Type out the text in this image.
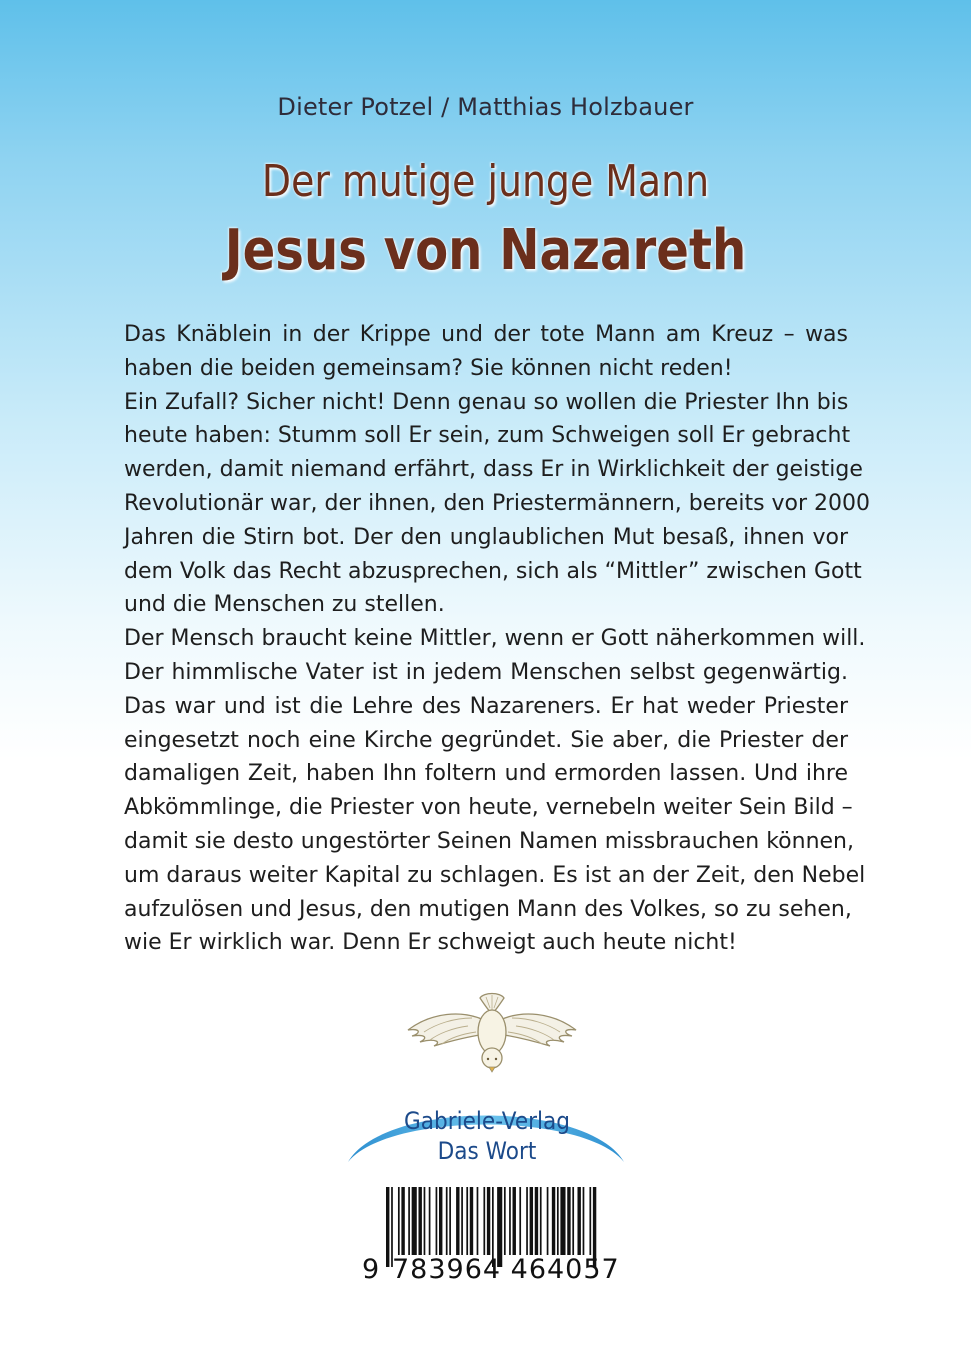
Dieter Potzel / Matthias Holzbauer
Der mutige junge Mann
Jesus von Nazareth
Das Knäblein in der Krippe und der tote Mann am Kreuz – was
haben die beiden gemeinsam? Sie können nicht reden!
Ein Zufall? Sicher nicht! Denn genau so wollen die Priester Ihn bis
heute haben: Stumm soll Er sein, zum Schweigen soll Er gebracht
werden, damit niemand erfährt, dass Er in Wirklichkeit der geistige
Revolutionär war, der ihnen, den Priestermännern, bereits vor 2000
Jahren die Stirn bot. Der den unglaublichen Mut besaß, ihnen vor
dem Volk das Recht abzusprechen, sich als “Mittler” zwischen Gott
und die Menschen zu stellen.
Der Mensch braucht keine Mittler, wenn er Gott näherkommen will.
Der himmlische Vater ist in jedem Menschen selbst gegenwärtig.
Das war und ist die Lehre des Nazareners. Er hat weder Priester
eingesetzt noch eine Kirche gegründet. Sie aber, die Priester der
damaligen Zeit, haben Ihn foltern und ermorden lassen. Und ihre
Abkömmlinge, die Priester von heute, vernebeln weiter Sein Bild –
damit sie desto ungestörter Seinen Namen missbrauchen können,
um daraus weiter Kapital zu schlagen. Es ist an der Zeit, den Nebel
aufzulösen und Jesus, den mutigen Mann des Volkes, so zu sehen,
wie Er wirklich war. Denn Er schweigt auch heute nicht!
Gabriele-Verlag
Das Wort
9 783964 464057
